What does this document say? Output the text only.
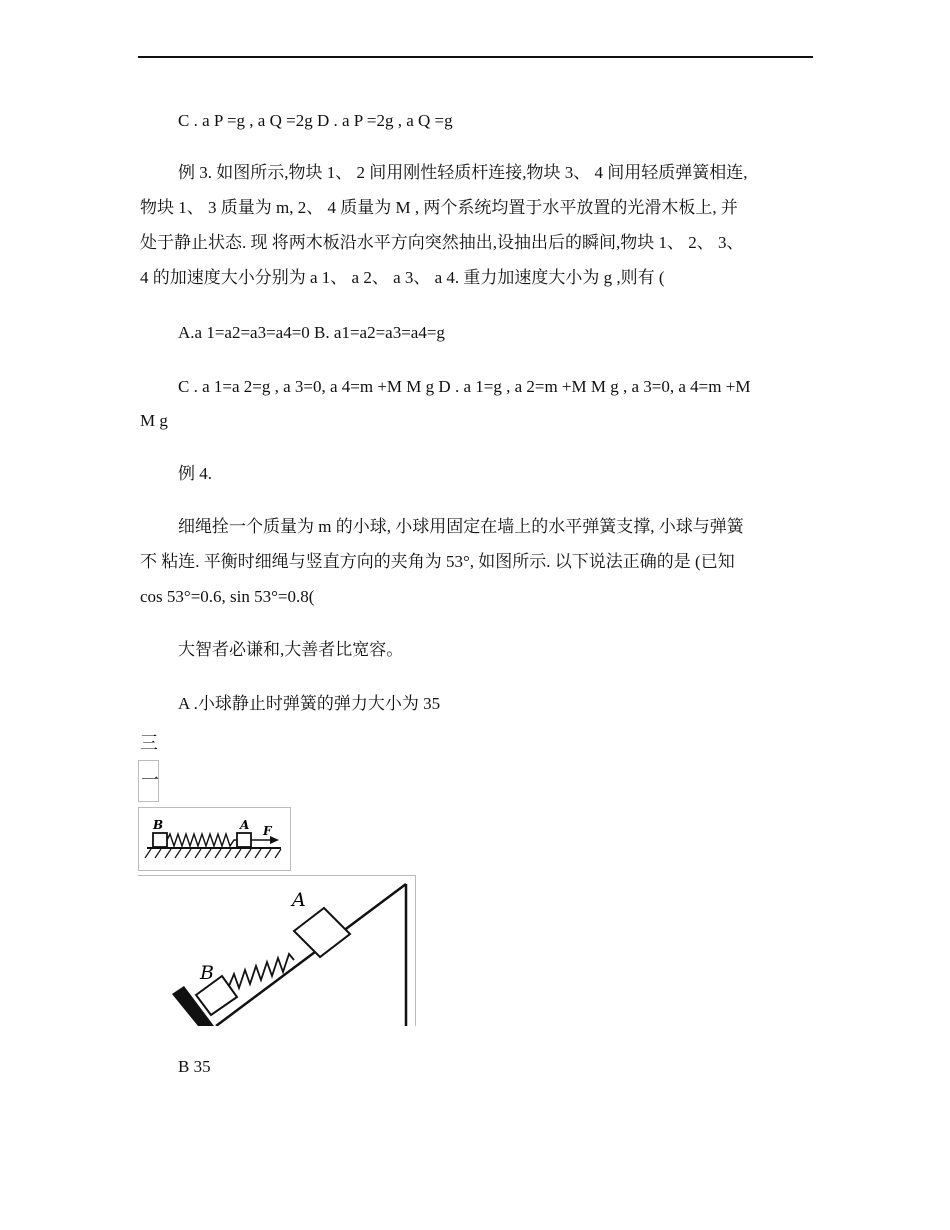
C . a P =g , a Q =2g D . a P =2g , a Q =g
例 3. 如图所示,物块 1、 2 间用刚性轻质杆连接,物块 3、 4 间用轻质弹簧相连,
物块 1、 3 质量为 m, 2、 4 质量为 M , 两个系统均置于水平放置的光滑木板上, 并
处于静止状态. 现 将两木板沿水平方向突然抽出,设抽出后的瞬间,物块 1、 2、 3、
4 的加速度大小分别为 a 1、 a 2、 a 3、 a 4. 重力加速度大小为 g ,则有 (
A.a 1=a2=a3=a4=0 B. a1=a2=a3=a4=g
C . a 1=a 2=g , a 3=0, a 4=m +M M g D . a 1=g , a 2=m +M M g , a 3=0, a 4=m +M
M g
例 4.
细绳拴一个质量为 m 的小球, 小球用固定在墙上的水平弹簧支撑, 小球与弹簧
不 粘连. 平衡时细绳与竖直方向的夹角为 53°, 如图所示. 以下说法正确的是 (已知
cos 53°=0.6, sin 53°=0.8(
大智者必谦和,大善者比宽容。
A .小球静止时弹簧的弹力大小为 35
三
一
B	A F
A
B
B 35
